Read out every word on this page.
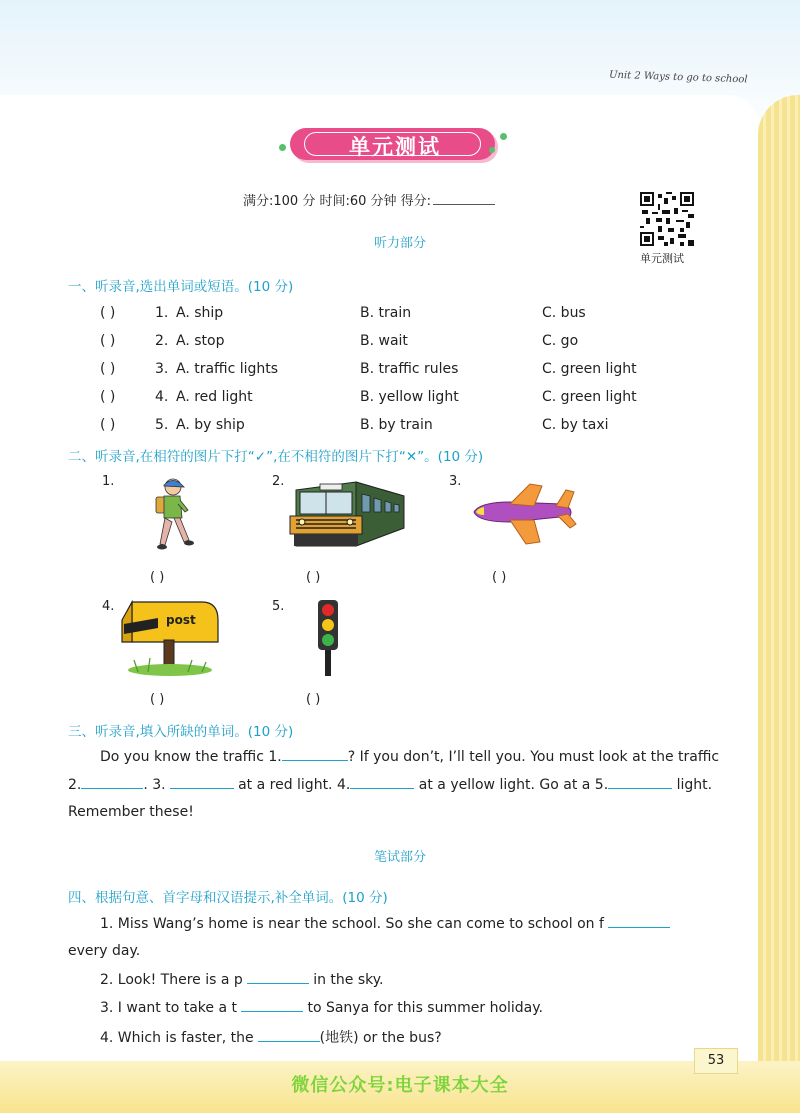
Unit 2 Ways to go to school
单元测试
满分:100 分 时间:60 分钟 得分:
单元测试
听力部分
一、听录音,选出单词或短语。(10 分)
( )	1. A. ship	B. train	C. bus
( )	2. A. stop	B. wait	C. go
( )	3. A. traffic lights	B. traffic rules	C. green light
( )	4. A. red light	B. yellow light	C. green light
( )	5. A. by ship	B. by train	C. by taxi
二、听录音,在相符的图片下打“✓”,在不相符的图片下打“✕”。(10 分)
1.
( )
2.
( )
3.
( )
4.
post
( )
5.
( )
三、听录音,填入所缺的单词。(10 分)
Do you know the traffic 1.	? If you don’t, I’ll tell you. You must look at the traffic
2.	. 3.	at a red light. 4.	at a yellow light. Go at a 5.	light.
Remember these!
笔试部分
四、根据句意、首字母和汉语提示,补全单词。(10 分)
1. Miss Wang’s home is near the school. So she can come to school on f
every day.
2. Look! There is a p	in the sky.
3. I want to take a t	to Sanya for this summer holiday.
4. Which is faster, the	(地铁) or the bus?
53
微信公众号:电子课本大全
